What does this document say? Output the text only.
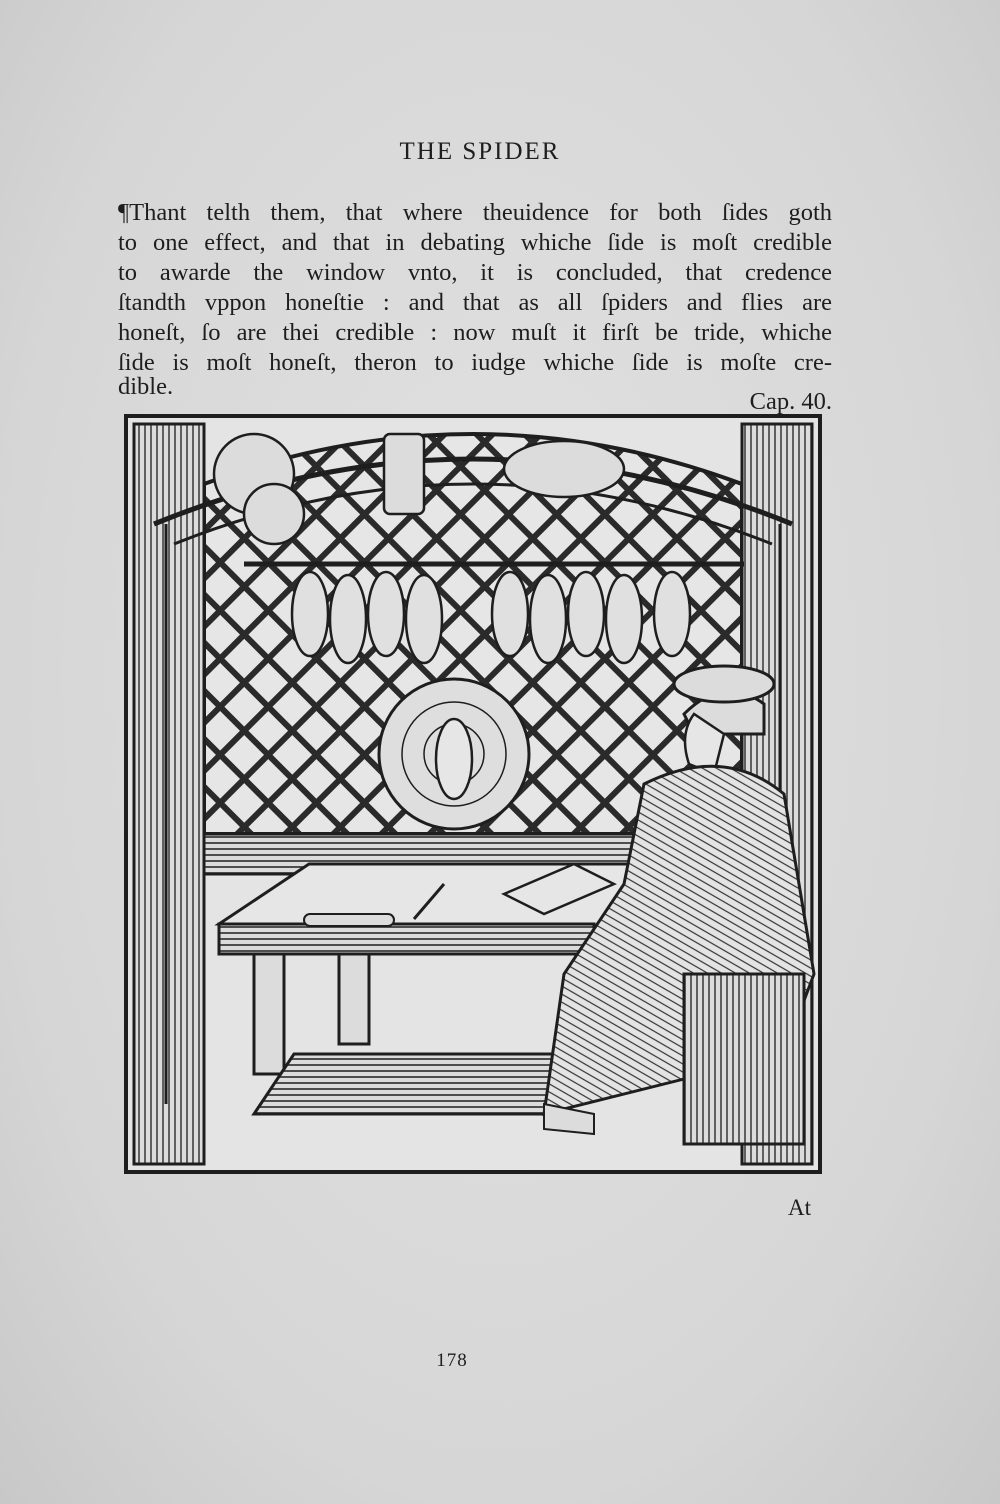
THE SPIDER
¶Thant telth them, that where theuidence for both ſides goth
to one effect, and that in debating whiche ſide is moſt credible
to awarde the window vnto, it is concluded, that credence
ſtandth vppon honeſtie : and that as all ſpiders and flies are
honeſt, ſo are thei credible : now muſt it firſt be tride, whiche
ſide is moſt honeſt, theron to iudge whiche ſide is moſte cre-
dible.
Cap. 40.
At
178
